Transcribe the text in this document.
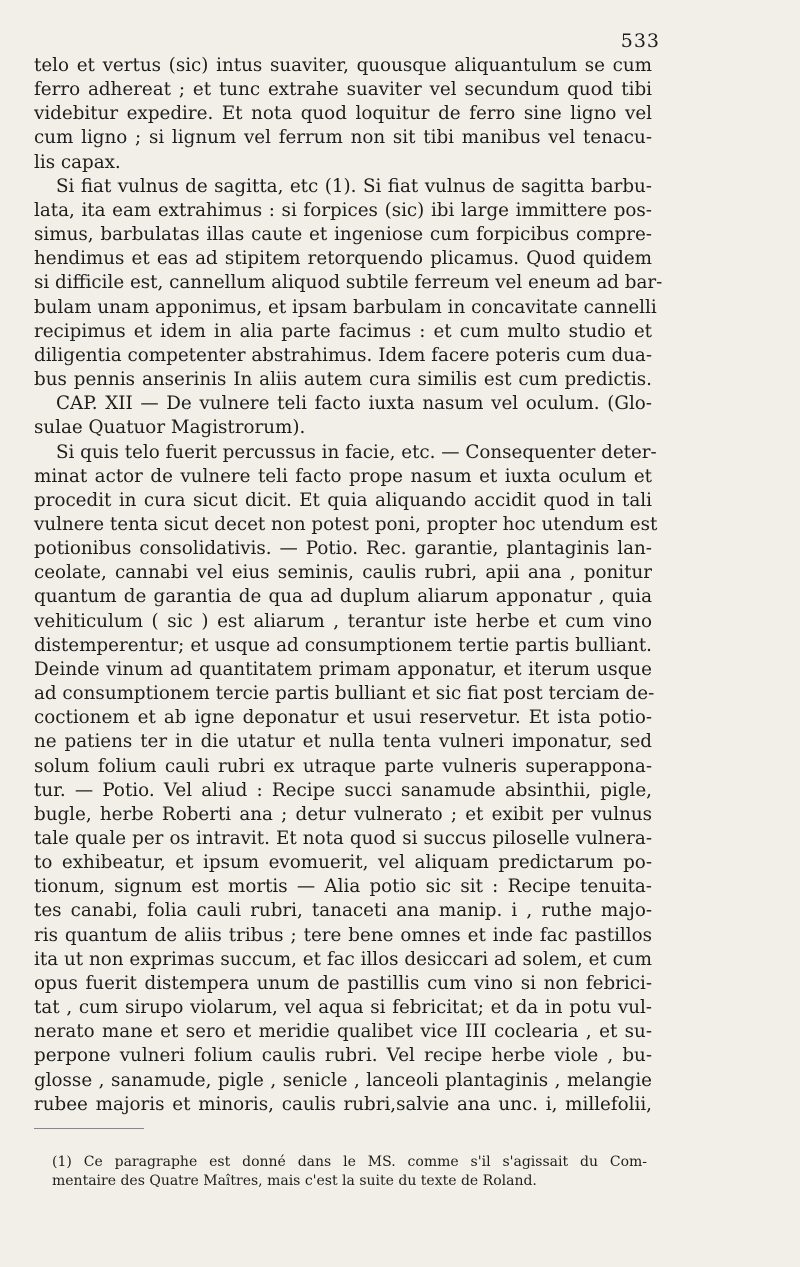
533
telo et vertus (sic) intus suaviter, quousque aliquantulum se cum
ferro adhereat ; et tunc extrahe suaviter vel secundum quod tibi
videbitur expedire. Et nota quod loquitur de ferro sine ligno vel
cum ligno ; si lignum vel ferrum non sit tibi manibus vel tenacu-
lis capax.
Si fiat vulnus de sagitta, etc (1). Si fiat vulnus de sagitta barbu-
lata, ita eam extrahimus : si forpices (sic) ibi large immittere pos-
simus, barbulatas illas caute et ingeniose cum forpicibus compre-
hendimus et eas ad stipitem retorquendo plicamus. Quod quidem
si difficile est, cannellum aliquod subtile ferreum vel eneum ad bar-
bulam unam apponimus, et ipsam barbulam in concavitate cannelli
recipimus et idem in alia parte facimus : et cum multo studio et
diligentia competenter abstrahimus. Idem facere poteris cum dua-
bus pennis anserinis In aliis autem cura similis est cum predictis.
CAP. XII — De vulnere teli facto iuxta nasum vel oculum. (Glo-
sulae Quatuor Magistrorum).
Si quis telo fuerit percussus in facie, etc. — Consequenter deter-
minat actor de vulnere teli facto prope nasum et iuxta oculum et
procedit in cura sicut dicit. Et quia aliquando accidit quod in tali
vulnere tenta sicut decet non potest poni, propter hoc utendum est
potionibus consolidativis. — Potio. Rec. garantie, plantaginis lan-
ceolate, cannabi vel eius seminis, caulis rubri, apii ana , ponitur
quantum de garantia de qua ad duplum aliarum apponatur , quia
vehiticulum ( sic ) est aliarum , terantur iste herbe et cum vino
distemperentur; et usque ad consumptionem tertie partis bulliant.
Deinde vinum ad quantitatem primam apponatur, et iterum usque
ad consumptionem tercie partis bulliant et sic fiat post terciam de-
coctionem et ab igne deponatur et usui reservetur. Et ista potio-
ne patiens ter in die utatur et nulla tenta vulneri imponatur, sed
solum folium cauli rubri ex utraque parte vulneris superappona-
tur. — Potio. Vel aliud : Recipe succi sanamude absinthii, pigle,
bugle, herbe Roberti ana ; detur vulnerato ; et exibit per vulnus
tale quale per os intravit. Et nota quod si succus piloselle vulnera-
to exhibeatur, et ipsum evomuerit, vel aliquam predictarum po-
tionum, signum est mortis — Alia potio sic sit : Recipe tenuita-
tes canabi, folia cauli rubri, tanaceti ana manip. i , ruthe majo-
ris quantum de aliis tribus ; tere bene omnes et inde fac pastillos
ita ut non exprimas succum, et fac illos desiccari ad solem, et cum
opus fuerit distempera unum de pastillis cum vino si non febrici-
tat , cum sirupo violarum, vel aqua si febricitat; et da in potu vul-
nerato mane et sero et meridie qualibet vice III coclearia , et su-
perpone vulneri folium caulis rubri. Vel recipe herbe viole , bu-
glosse , sanamude, pigle , senicle , lanceoli plantaginis , melangie
rubee majoris et minoris, caulis rubri,salvie ana unc. i, millefolii,
(1) Ce paragraphe est donné dans le MS. comme s'il s'agissait du Com-
mentaire des Quatre Maîtres, mais c'est la suite du texte de Roland.
